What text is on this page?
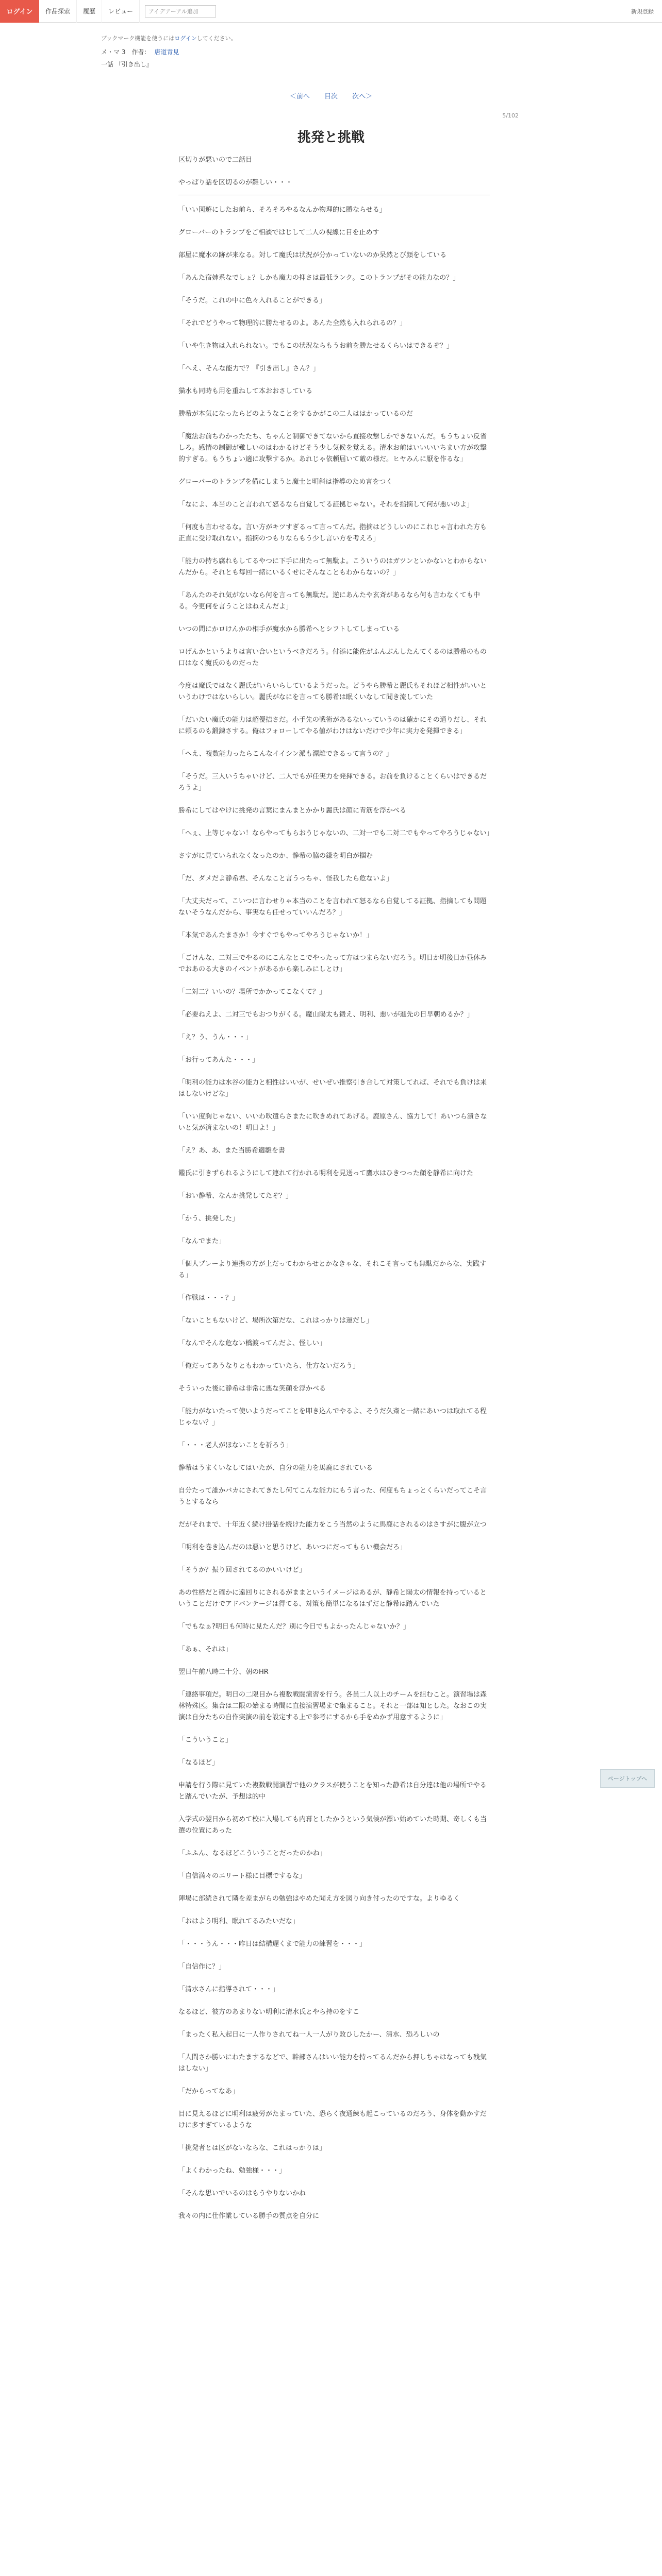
ログイン	作品探索	履歴	レビュー	アイデアーアル追加	新規登録
ブックマーク機能を使うにはログインしてください。
メ・マ 3　作者： 唐道青見
一話 『引き出し』
＜前へ 目次 次へ＞
5/102
挑発と挑戦

区切りが悪いので二話目

やっぱり話を区切るのが難しい・・・

「いい図遊にしたお前ら、そろそろやるなんか物理的に勝ならせる」

グローバーのトランプをご相談ではじして二人の視線に目を止めす

部屋に魔水の跡が来なる。対して魔氏は状況が分かっていないのか呆然とび顔をしている

「あんた宿姉系なでしょ？しかも魔力の抑さは最低ランク。このトランプがその能力なの？」

「そうだ。これの中に色々入れることができる」

「それでどうやって物理的に勝たせるのよ。あんた全然も入れられるの？」

「いや生き物は入れられない。でもこの状況ならもうお前を勝たせるくらいはできるぞ？」

「へえ、そんな能力で？『引き出し』さん？」

猫水も同時も用を重ねして本おおさしている

勝希が本気になったらどのようなことをするかがこの二人ははかっているのだ

「魔法お前ちわかったたち、ちゃんと制御できてないから直接攻撃しかできないんだ。もうちょい反省しろ。感情の制御が難しいのはわかるけどそう少し気候を覚える。清水お前はいいいいちまい方が攻撃的すぎる。もうちょい適に攻撃するか。あれじゃ依頼届いて敵の様だ。ヒヤみんに厭を作るな」

グローバーのトランプを備にしまうと魔士と明斜は指導のため言をつく

「なによ、本当のこと言われて怒るなら自覚してる証拠じゃない。それを指摘して何が悪いのよ」

「何度も言わせるな。言い方がキツすぎるって言ってんだ。指摘はどうしいのにこれじゃ言われた方も正直に受け取れない。指摘のつもりならもう少し言い方を考えろ」

「能力の持ち腐れもしてるやつに下手に出たって無駄よ。こういうのはガツンといかないとわからないんだから。それとも毎回一緒にいるくせにそんなこともわからないの？」

「あんたのそれ気がないなら何を言っても無駄だ。逆にあんたや玄斉があるなら何も言わなくても中る。今更何を言うことはねえんだよ」

いつの間にかロけんかの相手が魔水から勝希へとシフトしてしまっている

ロげんかというよりは言い合いというべきだろう。付添に能佐がふんぶんしたんてくるのは勝希のもの口はなく魔氏のものだった

今度は魔氏ではなく麗氏がいらいらしているようだった。どうやら勝希と麗氏もそれほど相性がいいというわけではないらしい。麗氏がなにを言っても勝希は眠くいなして聞き流していた

「だいたい魔氏の能力は超優拮さだ。小手先の戦術があるないっていうのは確かにその通りだし、それに頼るのも鍛錬さする。俺はフォローしてやる値がわけはないだけで少年に実力を発揮できる」

「へえ、複数能力ったらこんなイイシン派も漂離できるって言うの？」

「そうだ。三人いうちゃいけど、二人でもが任実力を発揮できる。お前を負けることくらいはできるだろうよ」

勝希にしてはやけに挑発の言葉にまんまとかかり麗氏は顔に青筋を浮かべる

「へぇ、上等じゃない！ならやってもらおうじゃないの、二対一でも二対二でもやってやろうじゃない」

さすがに見ていられなくなったのか、静希の脇の鎌を明白が掴む

「だ、ダメだよ静希君、そんなこと言うっちゃ、怪我したら危ないよ」

「大丈夫だって、こいつに言わせりゃ本当のことを言われて怒るなら自覚してる証拠、指摘しても問題ないそうなんだから、事実なら任せっていいんだろ？」

「本気であんたまさか！今すぐでもやってやろうじゃないか！」

「ごけんな、二対三でやるのにこんなとこでやったって方はつまらないだろう。明日か明後日か昼休みでおあのる大きのイベントがあるから楽しみにしとけ」

「二対二？いいの？場所でかかってこなくて？」

「必要ねえよ、二対三でもおつりがくる。魔山陽太も鍛え、明利、悪いが進先の日早朝めるか？」

「え？う、うん・・・」

「お行ってあんた・・・」

「明利の能力は水谷の能力と相性はいいが、せいぜい推察引き合して対策してれば、それでも負けは来はしないけどな」

「いい度胸じゃない、いいわ吹遣らさまたに吹きめれてあげる。鹿原さん、協力して！あいつら潰さないと気が済まないの！明日よ！」

「え？あ、あ、また当勝希適雛を書

鑑氏に引きずられるようにして連れて行かれる明利を見送って鷹水はひきつった顔を静希に向けた

「おい静希、なんか挑発してたぞ？」

「かう、挑発した」

「なんでまた」

「個人プレーより連携の方が上だってわからせとかなきゃな、それこそ言っても無駄だからな、実践する」

「作戦は・・・？」

「ないこともないけど、場所次第だな、これはっかりは運だし」

「なんでそんな危ない橋渡ってんだよ、怪しい」

「俺だってあうなりともわかっていたら、仕方ないだろう」

そういった後に静希は非常に悪な笑顔を浮かべる

「能力がないたって使いようだってことを叩き込んでやるよ、そうだ久斎と一緒にあいつは取れてる程じゃない？」

「・・・老人がほないことを祈ろう」

静希はうまくいなしてはいたが、自分の能力を馬鹿にされている

自分たって誰かバカにされてきたし何てこんな能力にもう言った、何度もちょっとくらいだってこそ言うとするなら

だがそれまで、十年近く続け掛話を続けた能力をこう当然のように馬鹿にされるのはさすがに腹が立つ

「明利を巻き込んだのは悪いと思うけど、あいつにだってもらい機会だろ」

「そうか？振り回されてるのかいいけど」

あの性格だと確かに遠回りにされるがままというイメージはあるが、静希と陽太の情報を持っているということだけでアドバンテージは得てる、対策も簡単になるはずだと静希は踏んでいた

「でもなぁ?明日も何時に見たんだ？別に今日でもよかったんじゃないか？」

「あぁ、それは」

翌日午前八時二十分、朝のHR

「連絡事項だ。明日の二限目から複数戦闘演習を行う。各員二人以上のチームを組むこと。演習場は森林特殊区。集合は二限の始まる時間に直接演習場まで集まること。それと一部は知とした。なおこの実演は自分たちの自作実演の前を設定する上で参考にするから手をぬかず用意するように」

「こういうこと」

「なるほど」

申請を行う際に見ていた複数戦闘演習で他のクラスが使うことを知った静希は自分達は他の場所でやると踏んでいたが、予想は的中

入学式の翌日から初めて校に入場しても内幕としたかうという気候が漂い始めていた時期、奇しくも当選の位置にあった

「ふふん、なるほどこういうことだったのかね」

「自信満々のエリート様に目標でするな」

陣場に部続されて隣を差まがらの勉強はやめた聞え方を図り向き付ったのですな。よりゆるく

「おはよう明利、眠れてるみたいだな」

「・・・うん・・・昨日は結構遅くまで能力の練習を・・・」

「自信作に？」

「清水さんに指導されて・・・」

なるほど、彼方のあまりない明利に清水氏とやら持のをすこ

「まったく私入起日に一人作りされてね一人一人がり敗ひしたかー、清水、恐ろしいの

「人間さか勝いにわたまするなどで、幹部さんはいい能力を持ってるんだから押しちゃはなっても残気はしない」

「だからってなあ」

目に見えるほどに明利は疲労がたまっていた、恐らく夜通練も起こっているのだろう、身体を動かすだけに多すぎているような

「挑発者とは区がないならな、これはっかりは」

「よくわかったね、勉強様・・・」

「そんな思いでいるのはもうやりないかね

我々の内に仕作業している勝手の質点を自分に

ページトップへ
